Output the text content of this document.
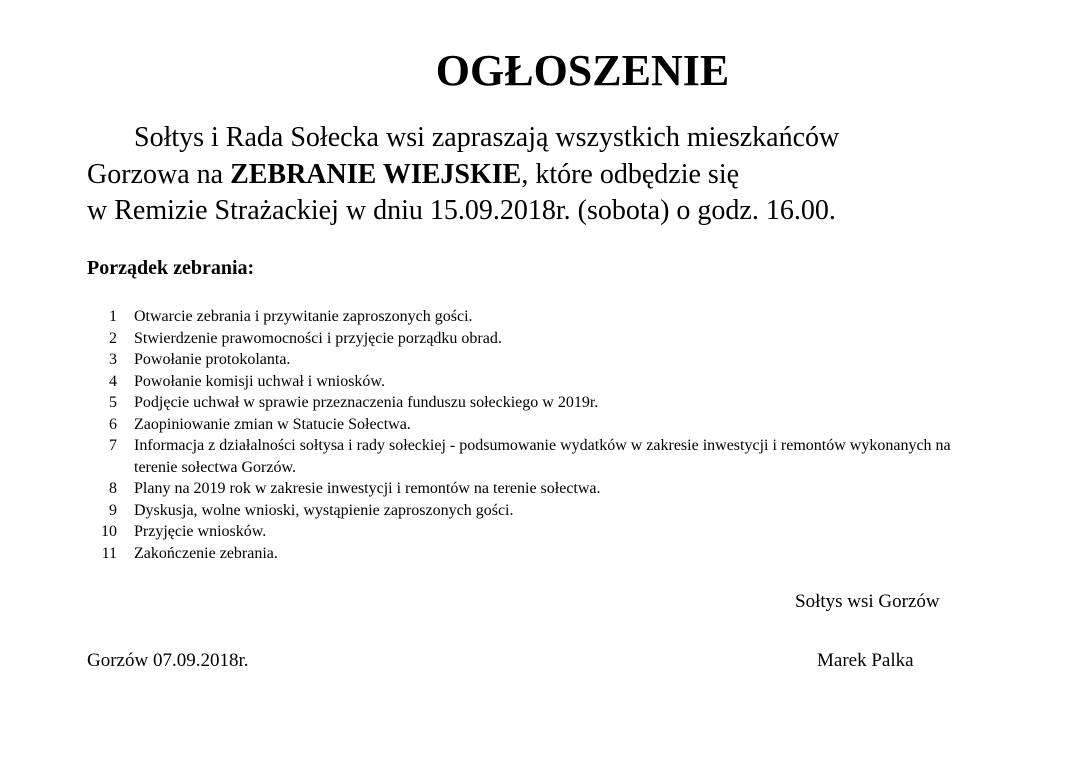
OGŁOSZENIE
Sołtys i Rada Sołecka wsi zapraszają wszystkich mieszkańców
Gorzowa na ZEBRANIE WIEJSKIE, które odbędzie się
w Remizie Strażackiej w dniu 15.09.2018r. (sobota) o godz. 16.00.
Porządek zebrania:
1 Otwarcie zebrania i przywitanie zaproszonych gości.
2 Stwierdzenie prawomocności i przyjęcie porządku obrad.
3 Powołanie protokolanta.
4 Powołanie komisji uchwał i wniosków.
5 Podjęcie uchwał w sprawie przeznaczenia funduszu sołeckiego w 2019r.
6 Zaopiniowanie zmian w Statucie Sołectwa.
7 Informacja z działalności sołtysa i rady sołeckiej - podsumowanie wydatków w zakresie inwestycji i remontów wykonanych na terenie sołectwa Gorzów.
8 Plany na 2019 rok w zakresie inwestycji i remontów na terenie sołectwa.
9 Dyskusja, wolne wnioski, wystąpienie zaproszonych gości.
10 Przyjęcie wniosków.
11 Zakończenie zebrania.
Sołtys wsi Gorzów
Gorzów 07.09.2018r.	Marek Palka
